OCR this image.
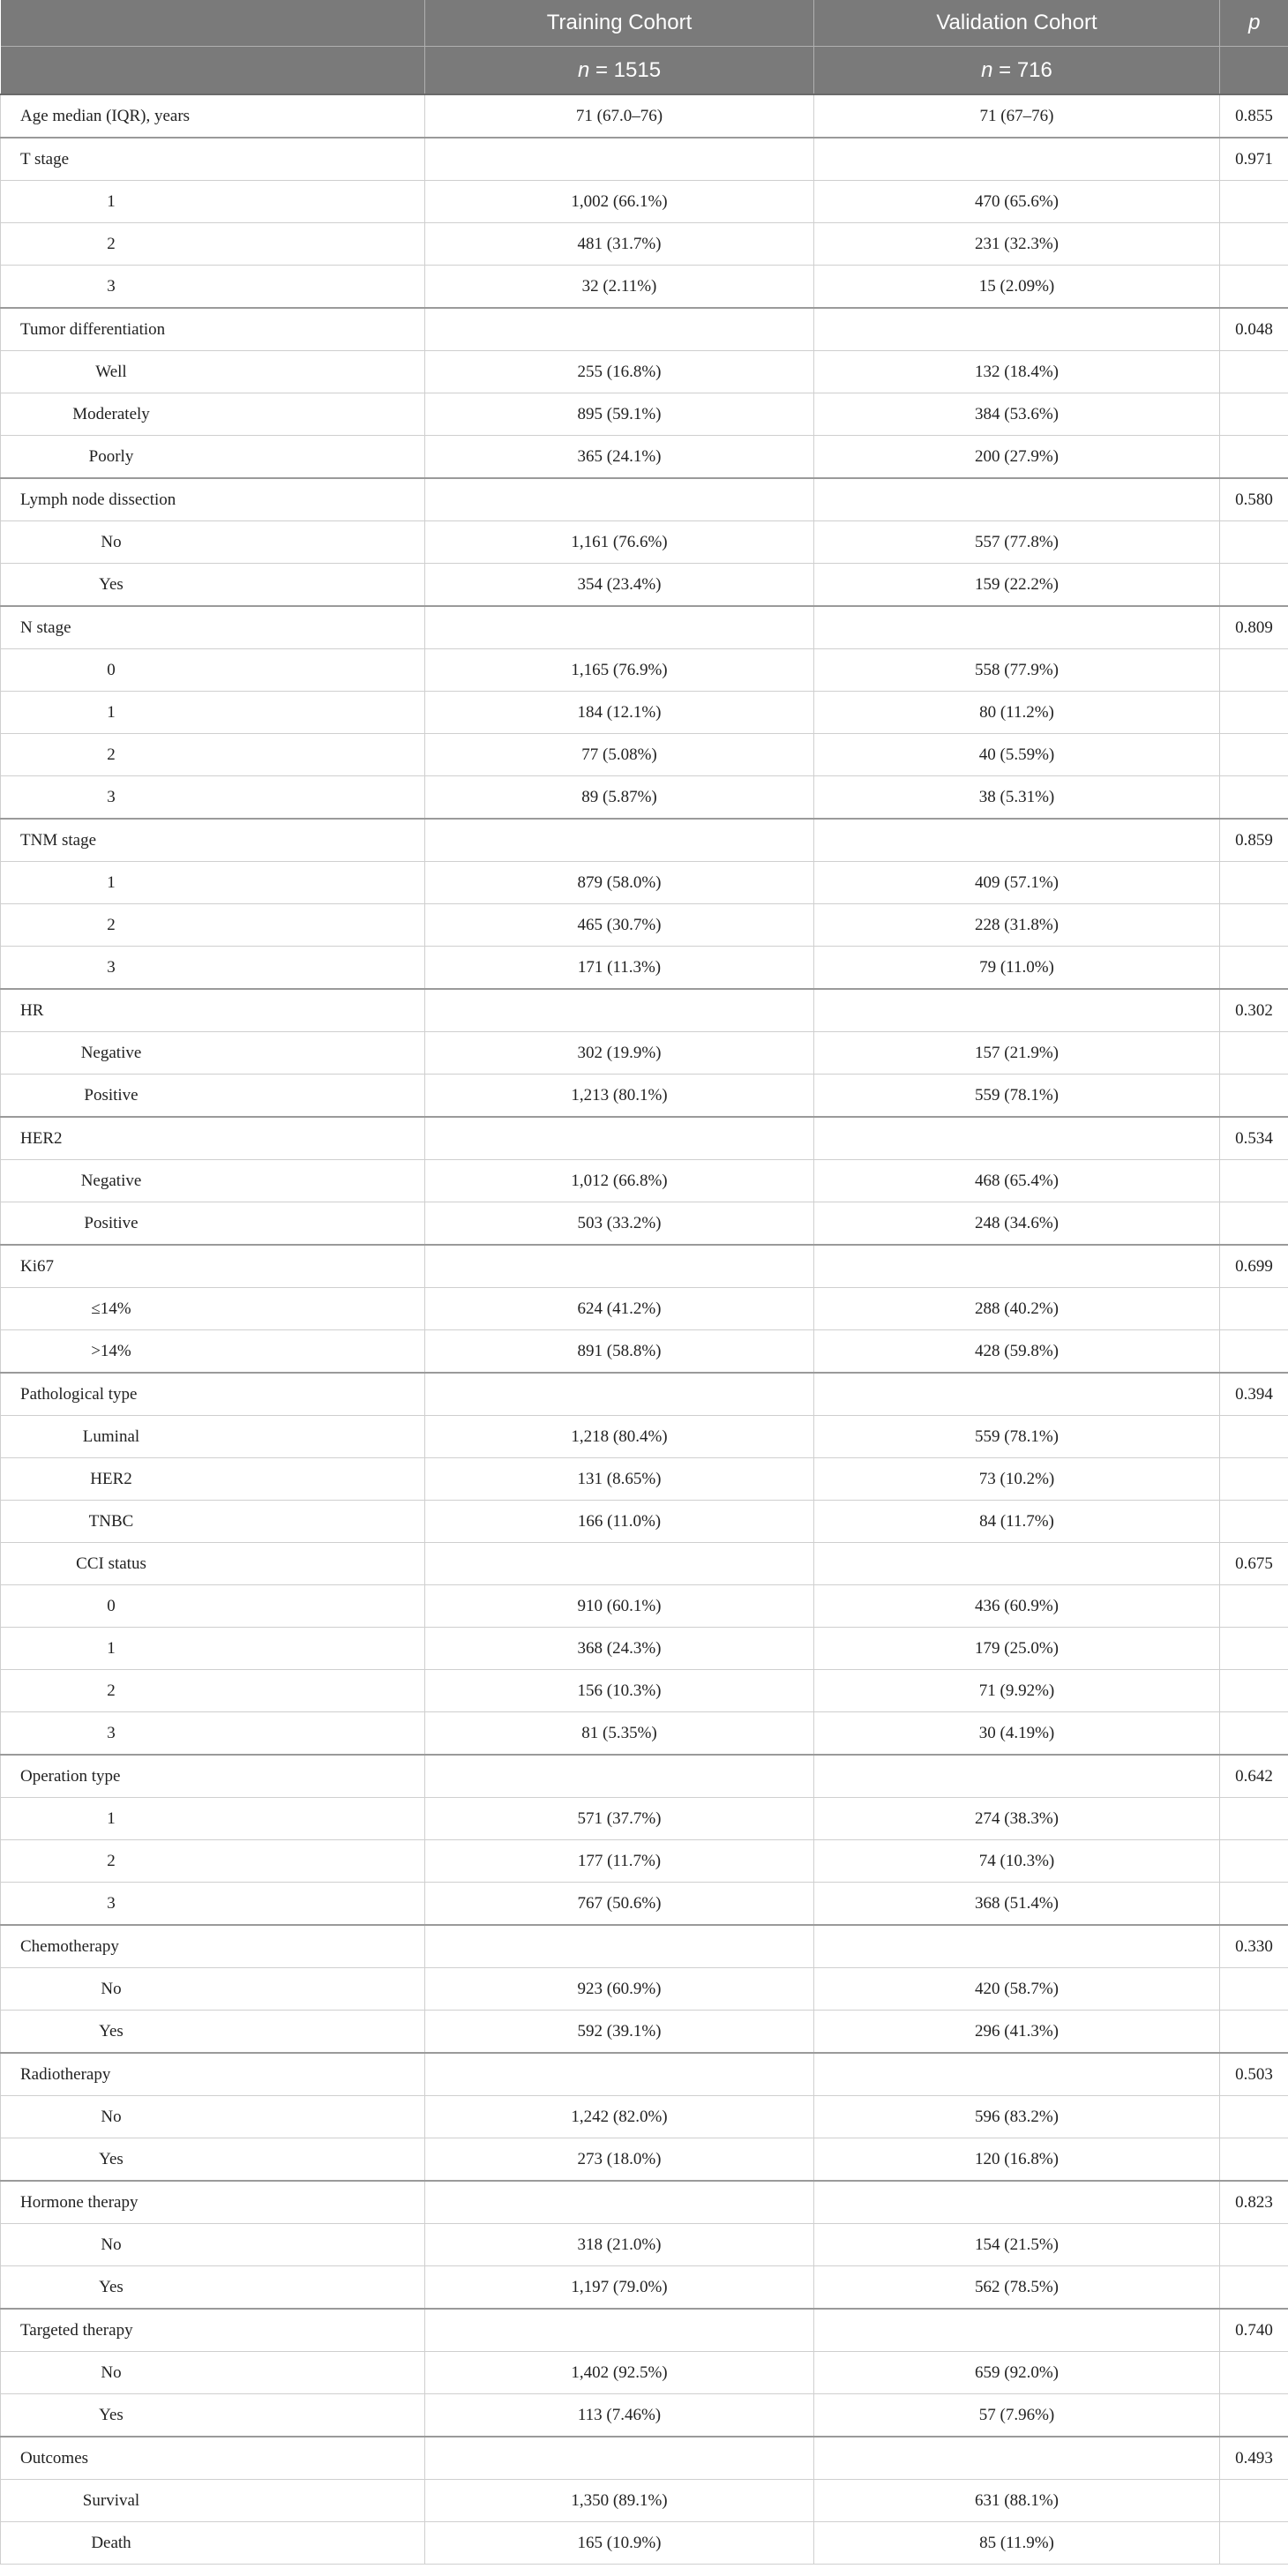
	Training Cohort	Validation Cohort	p
	n = 1515	n = 716	
Age median (IQR), years	71 (67.0–76)	71 (67–76)	0.855
T stage			0.971
1	1,002 (66.1%)	470 (65.6%)	
2	481 (31.7%)	231 (32.3%)	
3	32 (2.11%)	15 (2.09%)	
Tumor differentiation			0.048
Well	255 (16.8%)	132 (18.4%)	
Moderately	895 (59.1%)	384 (53.6%)	
Poorly	365 (24.1%)	200 (27.9%)	
Lymph node dissection			0.580
No	1,161 (76.6%)	557 (77.8%)	
Yes	354 (23.4%)	159 (22.2%)	
N stage			0.809
0	1,165 (76.9%)	558 (77.9%)	
1	184 (12.1%)	80 (11.2%)	
2	77 (5.08%)	40 (5.59%)	
3	89 (5.87%)	38 (5.31%)	
TNM stage			0.859
1	879 (58.0%)	409 (57.1%)	
2	465 (30.7%)	228 (31.8%)	
3	171 (11.3%)	79 (11.0%)	
HR			0.302
Negative	302 (19.9%)	157 (21.9%)	
Positive	1,213 (80.1%)	559 (78.1%)	
HER2			0.534
Negative	1,012 (66.8%)	468 (65.4%)	
Positive	503 (33.2%)	248 (34.6%)	
Ki67			0.699
≤14%	624 (41.2%)	288 (40.2%)	
>14%	891 (58.8%)	428 (59.8%)	
Pathological type			0.394
Luminal	1,218 (80.4%)	559 (78.1%)	
HER2	131 (8.65%)	73 (10.2%)	
TNBC	166 (11.0%)	84 (11.7%)	
CCI status			0.675
0	910 (60.1%)	436 (60.9%)	
1	368 (24.3%)	179 (25.0%)	
2	156 (10.3%)	71 (9.92%)	
3	81 (5.35%)	30 (4.19%)	
Operation type			0.642
1	571 (37.7%)	274 (38.3%)	
2	177 (11.7%)	74 (10.3%)	
3	767 (50.6%)	368 (51.4%)	
Chemotherapy			0.330
No	923 (60.9%)	420 (58.7%)	
Yes	592 (39.1%)	296 (41.3%)	
Radiotherapy			0.503
No	1,242 (82.0%)	596 (83.2%)	
Yes	273 (18.0%)	120 (16.8%)	
Hormone therapy			0.823
No	318 (21.0%)	154 (21.5%)	
Yes	1,197 (79.0%)	562 (78.5%)	
Targeted therapy			0.740
No	1,402 (92.5%)	659 (92.0%)	
Yes	113 (7.46%)	57 (7.96%)	
Outcomes			0.493
Survival	1,350 (89.1%)	631 (88.1%)	
Death	165 (10.9%)	85 (11.9%)	
